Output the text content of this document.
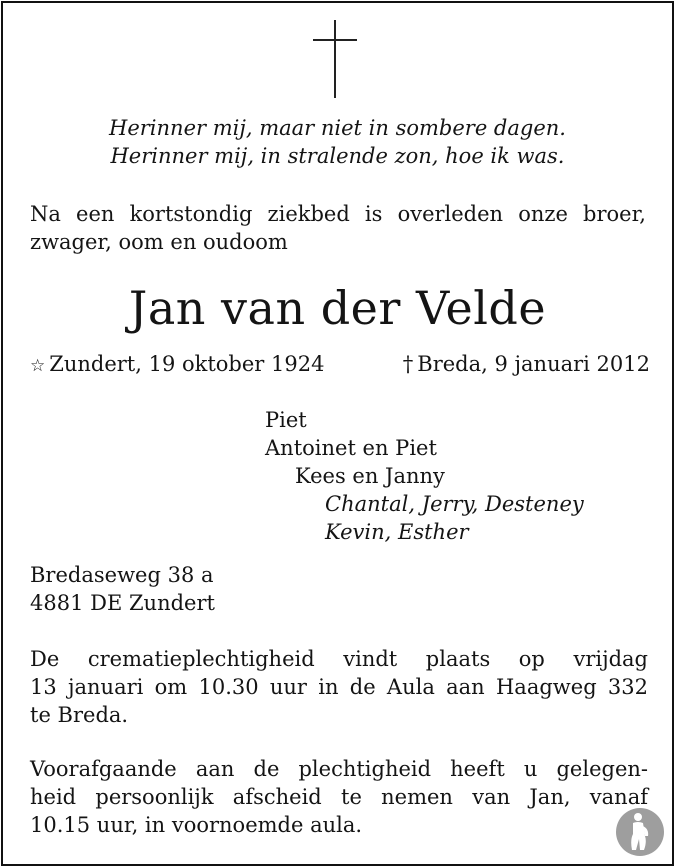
Herinner mij, maar niet in sombere dagen.
Herinner mij, in stralende zon, hoe ik was.
Na een kortstondig ziekbed is overleden onze broer,
zwager, oom en oudoom
Jan van der Velde
☆ Zundert, 19 oktober 1924	† Breda, 9 januari 2012
Piet
Antoinet en Piet
Kees en Janny
Chantal, Jerry, Desteney
Kevin, Esther
Bredaseweg 38 a
4881 DE Zundert
De crematieplechtigheid vindt plaats op vrijdag
13 januari om 10.30 uur in de Aula aan Haagweg 332
te Breda.
Voorafgaande aan de plechtigheid heeft u gelegen-
heid persoonlijk afscheid te nemen van Jan, vanaf
10.15 uur, in voornoemde aula.
